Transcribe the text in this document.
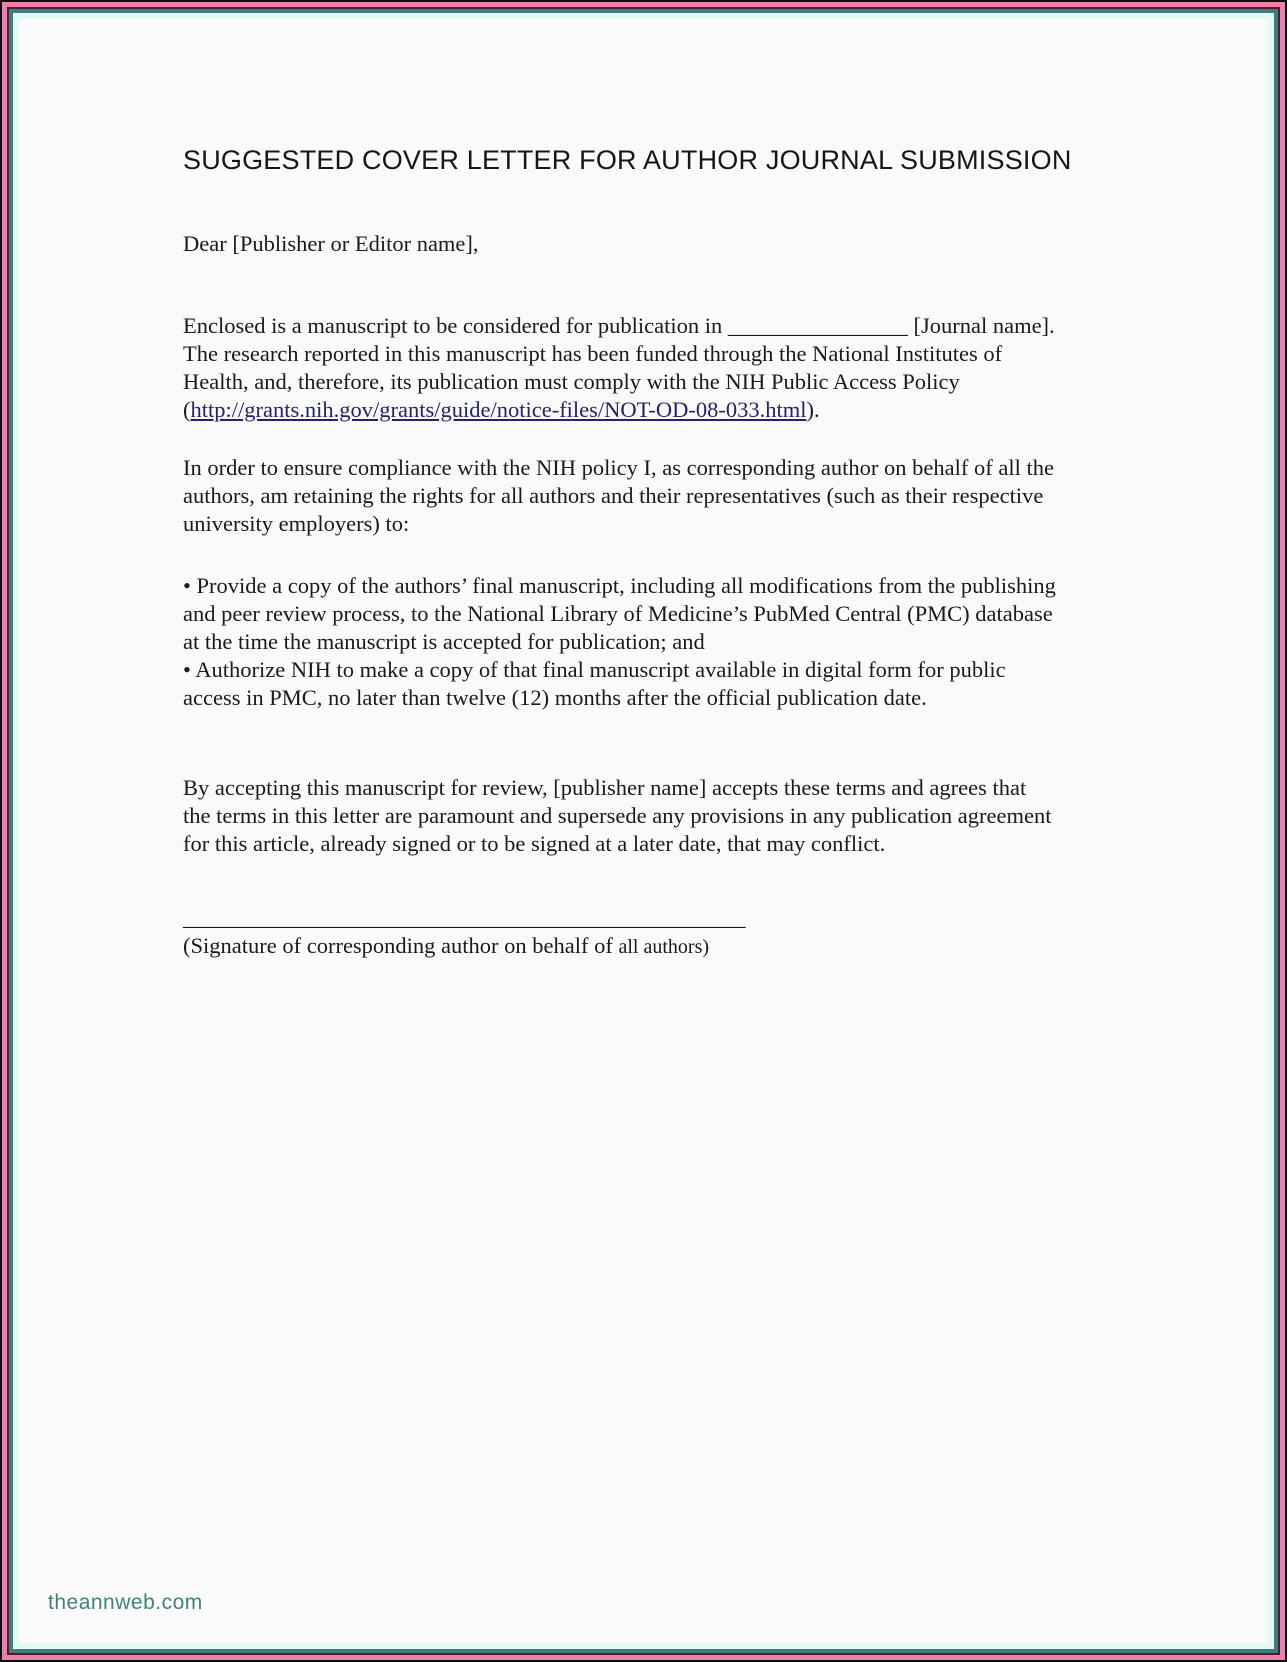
SUGGESTED COVER LETTER FOR AUTHOR JOURNAL SUBMISSION

Dear [Publisher or Editor name],

Enclosed is a manuscript to be considered for publication in ________________ [Journal name]. The research reported in this manuscript has been funded through the National Institutes of Health, and, therefore, its publication must comply with the NIH Public Access Policy (http://grants.nih.gov/grants/guide/notice-files/NOT-OD-08-033.html).

In order to ensure compliance with the NIH policy I, as corresponding author on behalf of all the authors, am retaining the rights for all authors and their representatives (such as their respective university employers) to:

• Provide a copy of the authors’ final manuscript, including all modifications from the publishing and peer review process, to the National Library of Medicine’s PubMed Central (PMC) database at the time the manuscript is accepted for publication; and

• Authorize NIH to make a copy of that final manuscript available in digital form for public access in PMC, no later than twelve (12) months after the official publication date.

By accepting this manuscript for review, [publisher name] accepts these terms and agrees that the terms in this letter are paramount and supersede any provisions in any publication agreement for this article, already signed or to be signed at a later date, that may conflict.

__________________________________________________

(Signature of corresponding author on behalf of all authors)

theannweb.com
